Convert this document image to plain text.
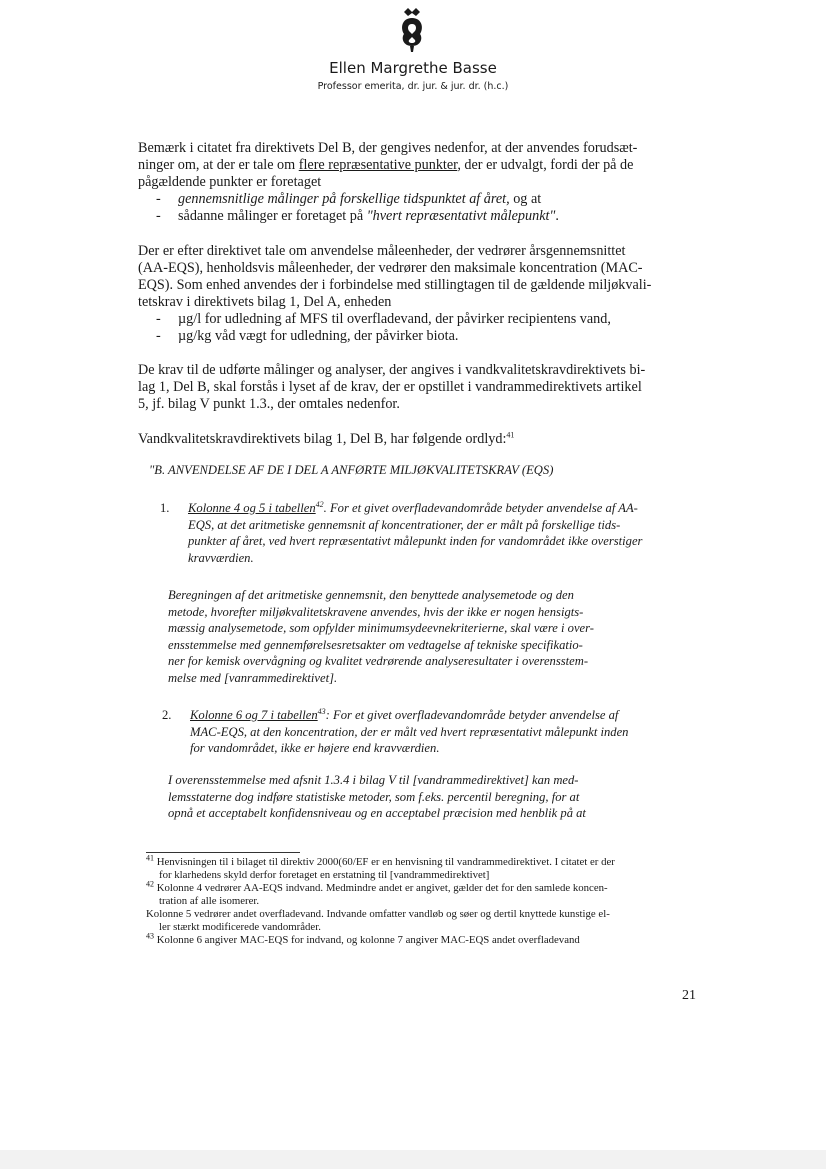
Ellen Margrethe Basse
Professor emerita, dr. jur. & jur. dr. (h.c.)

Bemærk i citatet fra direktivets Del B, der gengives nedenfor, at der anvendes forudsæt-

ninger om, at der er tale om flere repræsentative punkter, der er udvalgt, fordi der på de

pågældende punkter er foretaget

- gennemsnitlige målinger på forskellige tidspunktet af året, og at
- sådanne målinger er foretaget på "hvert repræsentativt målepunkt".

Der er efter direktivet tale om anvendelse måleenheder, der vedrører årsgennemsnittet

(AA-EQS), henholdsvis måleenheder, der vedrører den maksimale koncentration (MAC-

EQS). Som enhed anvendes der i forbindelse med stillingtagen til de gældende miljøkvali-

tetskrav i direktivets bilag 1, Del A, enheden

- µg/l for udledning af MFS til overfladevand, der påvirker recipientens vand,
- µg/kg våd vægt for udledning, der påvirker biota.

De krav til de udførte målinger og analyser, der angives i vandkvalitetskravdirektivets bi-

lag 1, Del B, skal forstås i lyset af de krav, der er opstillet i vandrammedirektivets artikel

5, jf. bilag V punkt 1.3., der omtales nedenfor.

Vandkvalitetskravdirektivets bilag 1, Del B, har følgende ordlyd:$^{41}$

"B. ANVENDELSE AF DE I DEL A ANFØRTE MILJØKVALITETSKRAV (EQS)
1. Kolonne 4 og 5 i tabellen$^{42}$. For et givet overfladevandområde betyder anvendelse af AA-
EQS, at det aritmetiske gennemsnit af koncentrationer, der er målt på forskellige tids-
punkter af året, ved hvert repræsentativt målepunkt inden for vandområdet ikke overstiger
kravværdien.

Beregningen af det aritmetiske gennemsnit, den benyttede analysemetode og den

metode, hvorefter miljøkvalitetskravene anvendes, hvis der ikke er nogen hensigts-

mæssig analysemetode, som opfylder minimumsydeevnekriterierne, skal være i over-

ensstemmelse med gennemførelsesretsakter om vedtagelse af tekniske specifikatio-

ner for kemisk overvågning og kvalitet vedrørende analyseresultater i overensstem-

melse med [vanrammedirektivet].

2. Kolonne 6 og 7 i tabellen$^{43}$: For et givet overfladevandområde betyder anvendelse af
MAC-EQS, at den koncentration, der er målt ved hvert repræsentativt målepunkt inden
for vandområdet, ikke er højere end kravværdien.

I overensstemmelse med afsnit 1.3.4 i bilag V til [vandrammedirektivet] kan med-

lemsstaterne dog indføre statistiske metoder, som f.eks. percentil beregning, for at

opnå et acceptabelt konfidensniveau og en acceptabel præcision med henblik på at

$^{41}$ Henvisningen til i bilaget til direktiv 2000(60/EF er en henvisning til vandrammedirektivet. I citatet er der

for klarhedens skyld derfor foretaget en erstatning til [vandrammedirektivet]

$^{42}$ Kolonne 4 vedrører AA-EQS indvand. Medmindre andet er angivet, gælder det for den samlede koncen-

tration af alle isomerer.

Kolonne 5 vedrører andet overfladevand. Indvande omfatter vandløb og søer og dertil knyttede kunstige el-

ler stærkt modificerede vandområder.

$^{43}$ Kolonne 6 angiver MAC-EQS for indvand, og kolonne 7 angiver MAC-EQS andet overfladevand

21
